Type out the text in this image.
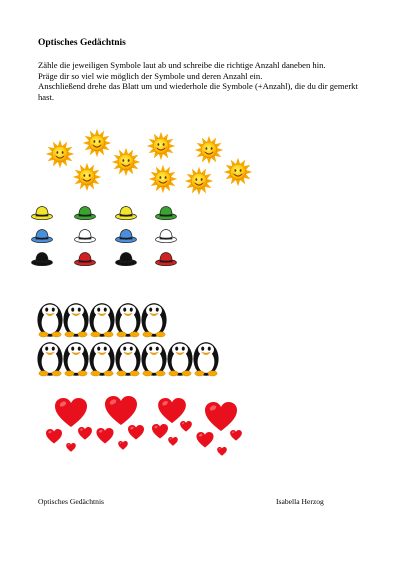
Optisches Gedächtnis

Zähle die jeweiligen Symbole laut ab und schreibe die richtige Anzahl daneben hin.

Präge dir so viel wie möglich der Symbole und deren Anzahl ein.

Anschließend drehe das Blatt um und wiederhole die Symbole (+Anzahl), die du dir gemerkt hast.

Optisches Gedächtnis	Isabella Herzog
